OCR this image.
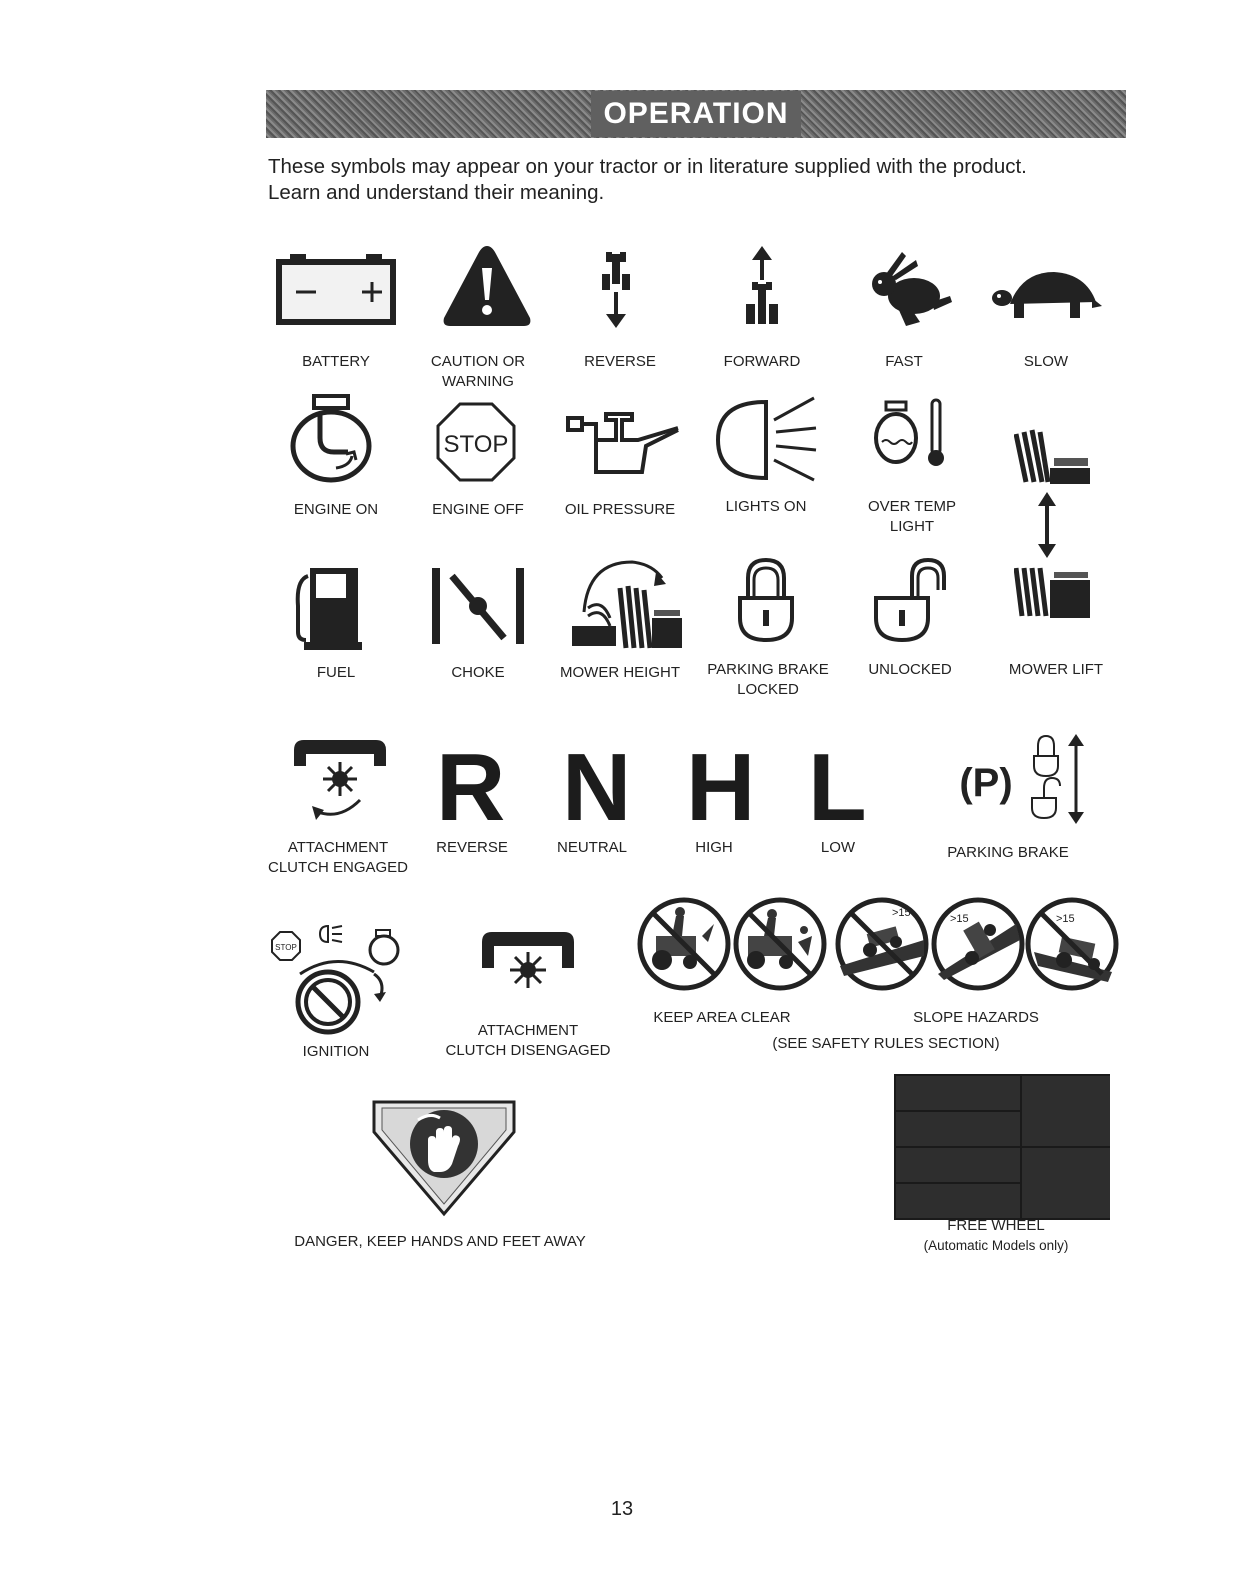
OPERATION
These symbols may appear on your tractor or in literature supplied with the product.
Learn and understand their meaning.
BATTERY	CAUTION OR
WARNING
REVERSE	FORWARD	FAST	SLOW
STOP
ENGINE ON	ENGINE OFF	OIL PRESSURE	LIGHTS ON	OVER TEMP
LIGHT
FUEL	CHOKE	MOWER HEIGHT PARKING BRAKE
LOCKED
UNLOCKED	MOWER LIFT
R N H L (P)
ATTACHMENT
CLUTCH ENGAGED
REVERSE	NEUTRAL	HIGH	LOW	PARKING BRAKE
STOP
>15	>15	>15
IGNITION
ATTACHMENT
CLUTCH DISENGAGED
KEEP AREA CLEAR	SLOPE HAZARDS
(SEE SAFETY RULES SECTION)
DANGER, KEEP HANDS AND FEET AWAY
FREE WHEEL
(Automatic Models only)
13
